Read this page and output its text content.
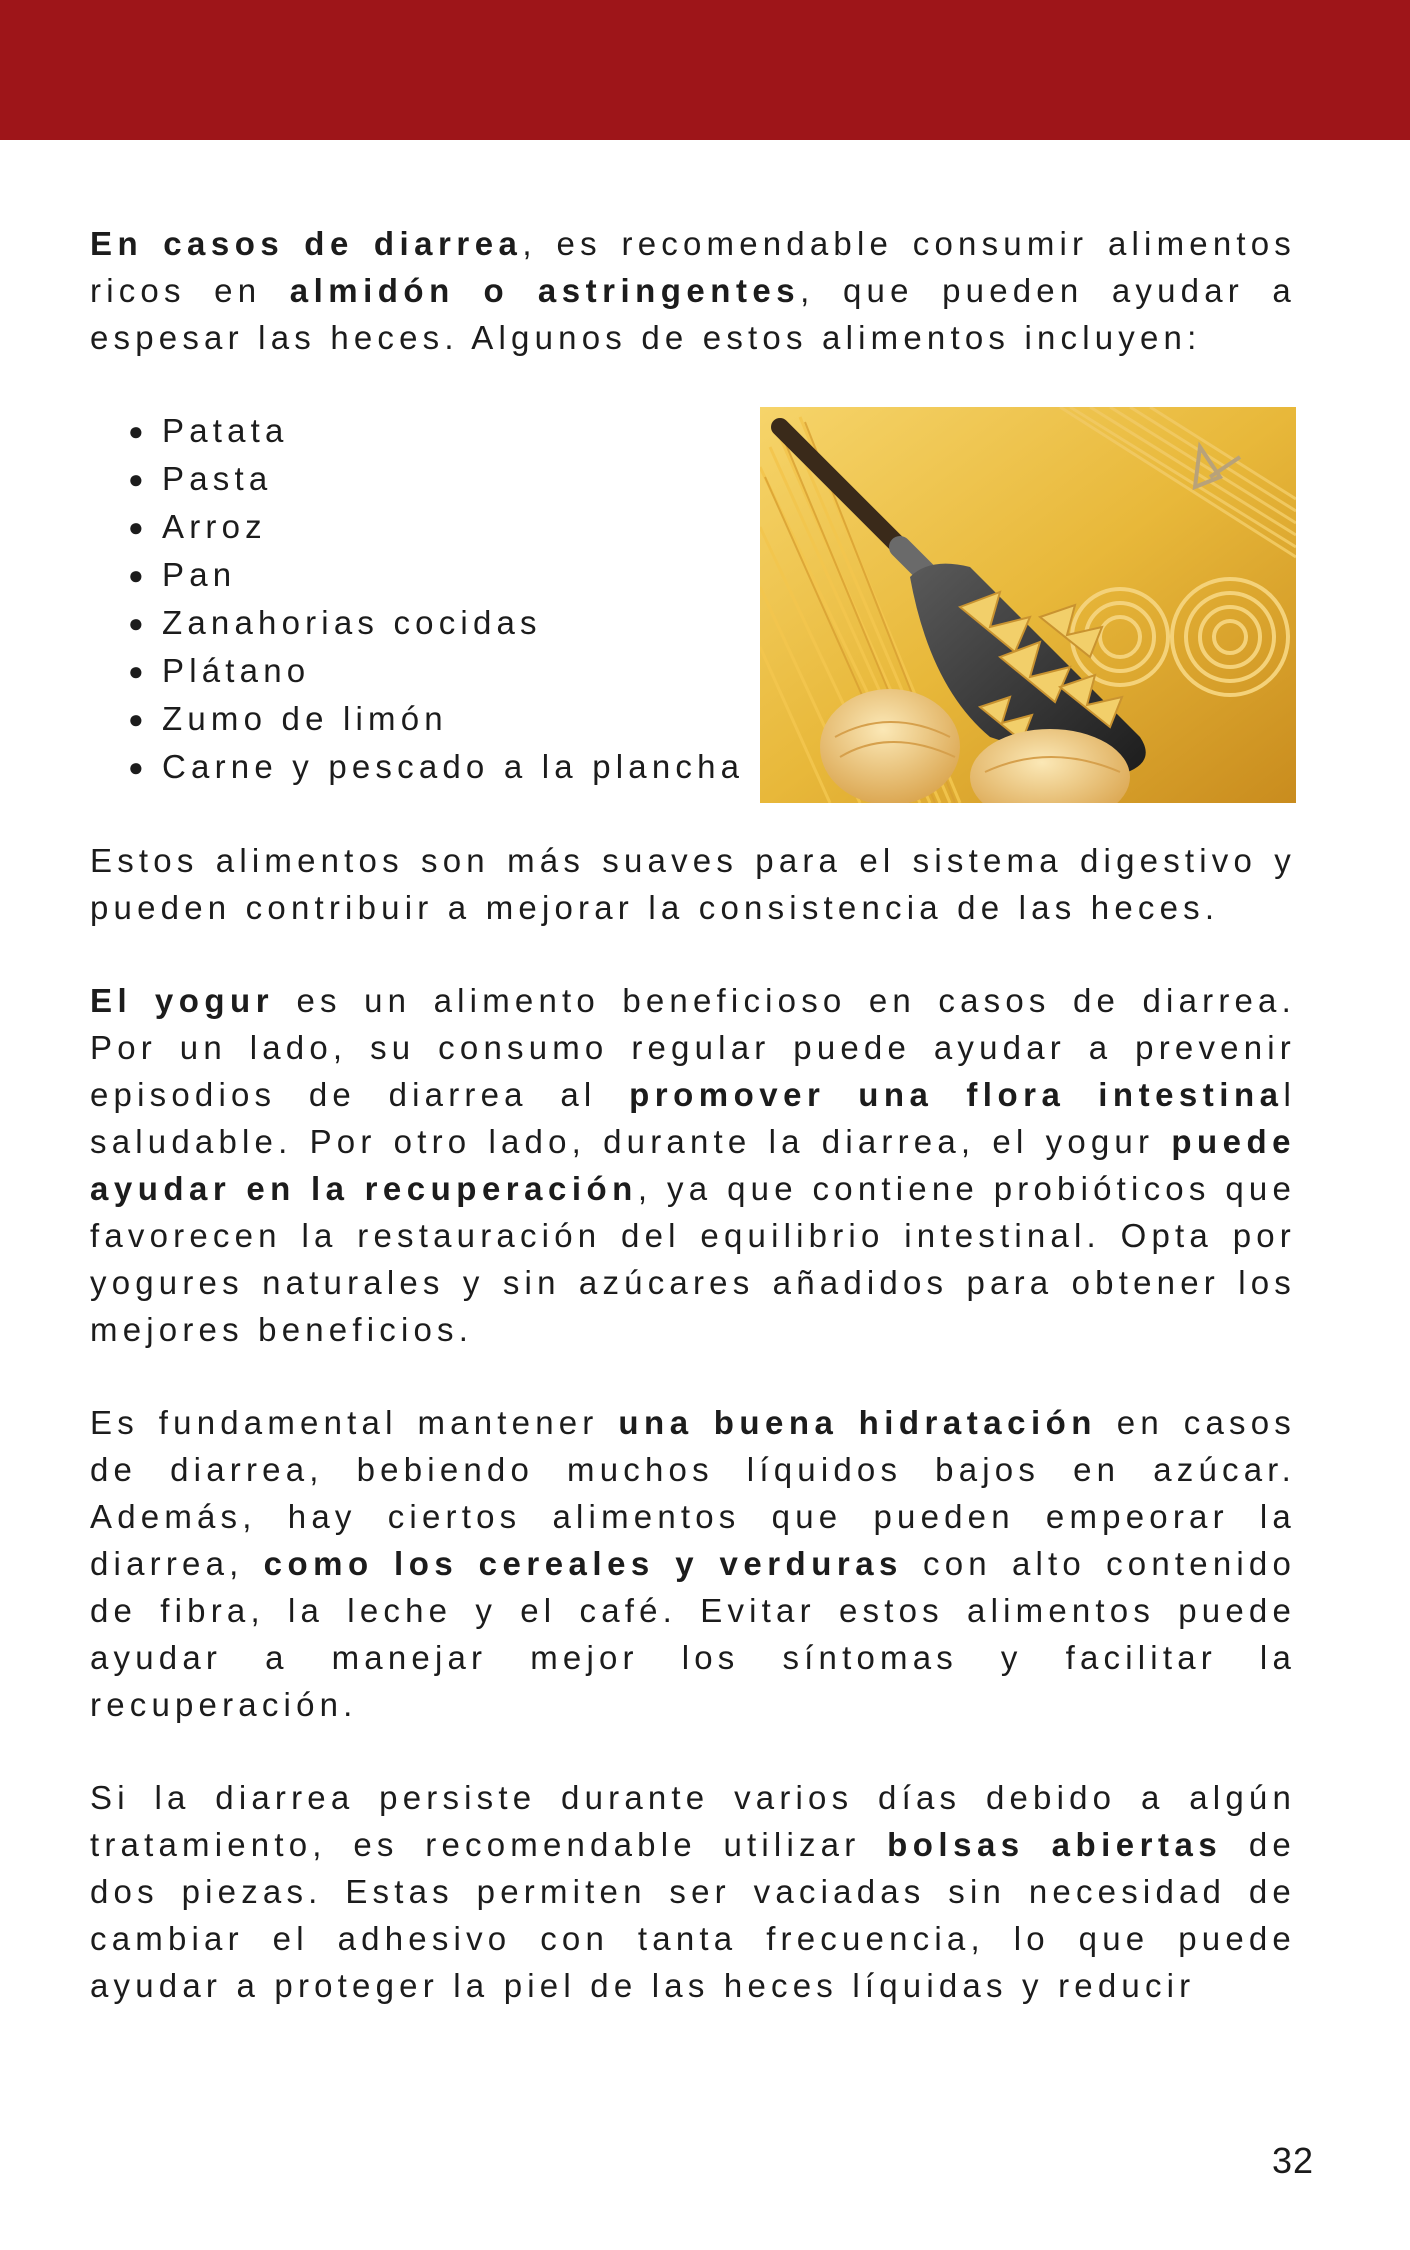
En casos de diarrea, es recomendable consumir alimentos ricos en almidón o astringentes, que pueden ayudar a espesar las heces. Algunos de estos alimentos incluyen:

● Patata
● Pasta
● Arroz
● Pan
● Zanahorias cocidas
● Plátano
● Zumo de limón
● Carne y pescado a la plancha

Estos alimentos son más suaves para el sistema digestivo y pueden contribuir a mejorar la consistencia de las heces.

El yogur es un alimento beneficioso en casos de diarrea. Por un lado, su consumo regular puede ayudar a prevenir episodios de diarrea al promover una flora intestinal saludable. Por otro lado, durante la diarrea, el yogur puede ayudar en la recuperación, ya que contiene probióticos que favorecen la restauración del equilibrio intestinal. Opta por yogures naturales y sin azúcares añadidos para obtener los mejores beneficios.

Es fundamental mantener una buena hidratación en casos de diarrea, bebiendo muchos líquidos bajos en azúcar. Además, hay ciertos alimentos que pueden empeorar la diarrea, como los cereales y verduras con alto contenido de fibra, la leche y el café. Evitar estos alimentos puede ayudar a manejar mejor los síntomas y facilitar la recuperación.

Si la diarrea persiste durante varios días debido a algún tratamiento, es recomendable utilizar bolsas abiertas de dos piezas. Estas permiten ser vaciadas sin necesidad de cambiar el adhesivo con tanta frecuencia, lo que puede ayudar a proteger la piel de las heces líquidas y reducir

32
